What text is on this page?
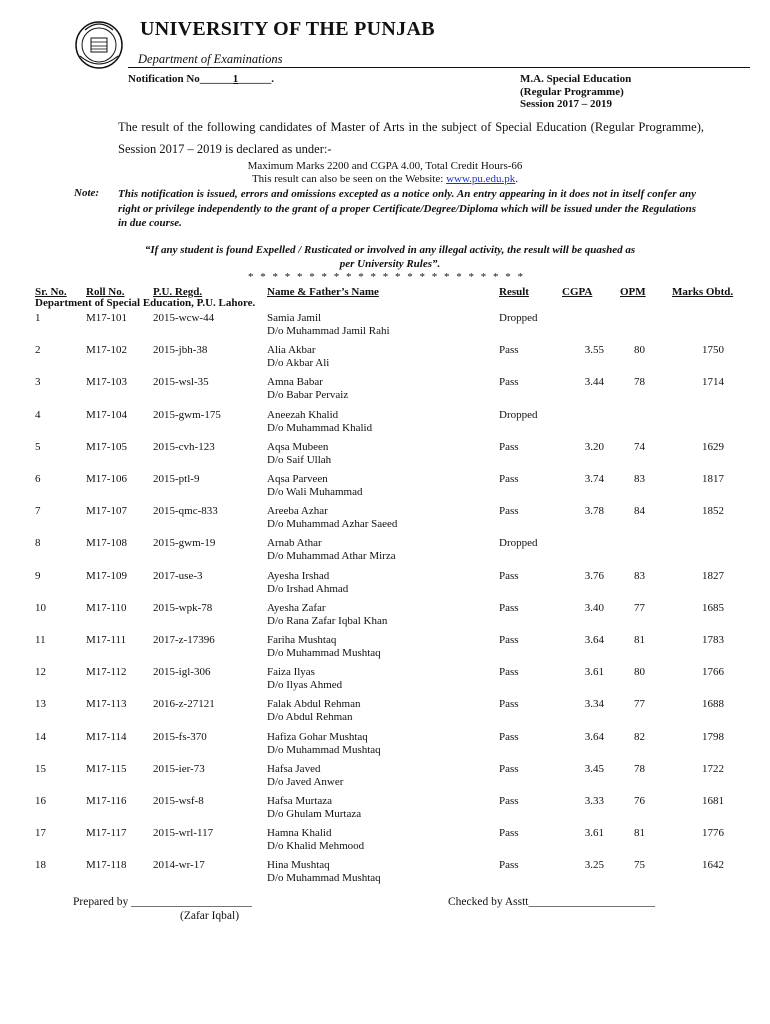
UNIVERSITY OF THE PUNJAB
Department of Examinations
Notification No______1______.	M.A. Special Education
(Regular Programme)
Session 2017 – 2019
The result of the following candidates of Master of Arts in the subject of Special Education (Regular Programme), Session 2017 – 2019 is declared as under:-
Maximum Marks 2200 and CGPA 4.00, Total Credit Hours-66
This result can also be seen on the Website: www.pu.edu.pk.
Note: This notification is issued, errors and omissions excepted as a notice only. An entry appearing in it does not in itself confer any right or privilege independently to the grant of a proper Certificate/Degree/Diploma which will be issued under the Regulations in due course.
“If any student is found Expelled / Rusticated or involved in any illegal activity, the result will be quashed as per University Rules”.
* * * * * * * * * * * * * * * * * * * * * * *
Sr. No. Roll No.	P.U. Regd.	Name & Father’s Name	Result	CGPA	OPM Marks Obtd.
Department of Special Education, P.U. Lahore.
1	M17-101 2015-wcw-44	Samia Jamil	Dropped
D/o Muhammad Jamil Rahi
2	M17-102 2015-jbh-38	Alia Akbar	Pass	3.55	80	1750
D/o Akbar Ali
3	M17-103 2015-wsl-35	Amna Babar	Pass	3.44	78	1714
D/o Babar Pervaiz
4	M17-104 2015-gwm-175	Aneezah Khalid	Dropped
D/o Muhammad Khalid
5	M17-105 2015-cvh-123	Aqsa Mubeen	Pass	3.20	74	1629
D/o Saif Ullah
6	M17-106 2015-ptl-9	Aqsa Parveen	Pass	3.74	83	1817
D/o Wali Muhammad
7	M17-107 2015-qmc-833	Areeba Azhar	Pass	3.78	84	1852
D/o Muhammad Azhar Saeed
8	M17-108 2015-gwm-19	Arnab Athar	Dropped
D/o Muhammad Athar Mirza
9	M17-109 2017-use-3	Ayesha Irshad	Pass	3.76	83	1827
D/o Irshad Ahmad
10	M17-110 2015-wpk-78	Ayesha Zafar	Pass	3.40	77	1685
D/o Rana Zafar Iqbal Khan
11	M17-111 2017-z-17396	Fariha Mushtaq	Pass	3.64	81	1783
D/o Muhammad Mushtaq
12	M17-112 2015-igl-306	Faiza Ilyas	Pass	3.61	80	1766
D/o Ilyas Ahmed
13	M17-113 2016-z-27121	Falak Abdul Rehman	Pass	3.34	77	1688
D/o Abdul Rehman
14	M17-114 2015-fs-370	Hafiza Gohar Mushtaq	Pass	3.64	82	1798
D/o Muhammad Mushtaq
15	M17-115 2015-ier-73	Hafsa Javed	Pass	3.45	78	1722
D/o Javed Anwer
16	M17-116 2015-wsf-8	Hafsa Murtaza	Pass	3.33	76	1681
D/o Ghulam Murtaza
17	M17-117 2015-wrl-117	Hamna Khalid	Pass	3.61	81	1776
D/o Khalid Mehmood
18	M17-118 2014-wr-17	Hina Mushtaq	Pass	3.25	75	1642
D/o Muhammad Mushtaq
Prepared by _____________________
(Zafar Iqbal)
Checked by Asstt______________________
